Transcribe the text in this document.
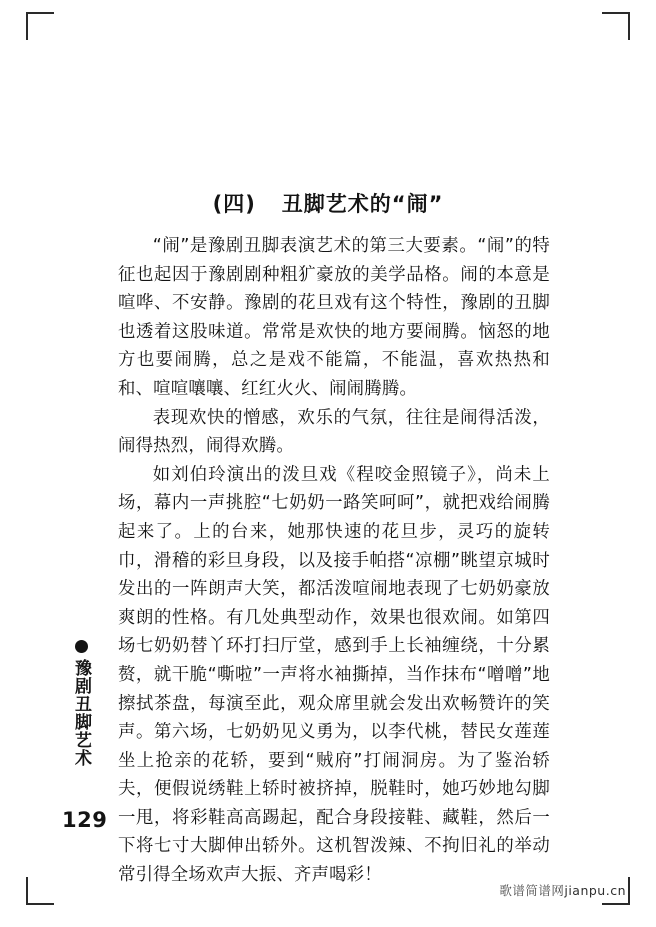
(四) 丑脚艺术的“闹”

“闹”是豫剧丑脚表演艺术的第三大要素。“闹”的特征也起因于豫剧剧种粗犷豪放的美学品格。闹的本意是喧哗、不安静。豫剧的花旦戏有这个特性，豫剧的丑脚也透着这股味道。常常是欢快的地方要闹腾。恼怒的地方也要闹腾，总之是戏不能篇，不能温，喜欢热热和和、喧喧嚷嚷、红红火火、闹闹腾腾。

表现欢快的憎感，欢乐的气氛，往往是闹得活泼，闹得热烈，闹得欢腾。

如刘伯玲演出的泼旦戏《程咬金照镜子》，尚未上场，幕内一声挑腔“七奶奶一路笑呵呵”，就把戏给闹腾起来了。上的台来，她那快速的花旦步，灵巧的旋转巾，滑稽的彩旦身段，以及接手帕搭“凉棚”眺望京城时发出的一阵朗声大笑，都活泼喧闹地表现了七奶奶豪放爽朗的性格。有几处典型动作，效果也很欢闹。如第四场七奶奶替丫环打扫厅堂，感到手上长袖缠绕，十分累赘，就干脆“嘶啦”一声将水袖撕掉，当作抹布“噌噌”地擦拭茶盘，每演至此，观众席里就会发出欢畅赞许的笑声。第六场，七奶奶见义勇为，以李代桃，替民女莲莲坐上抢亲的花轿，要到“贼府”打闹洞房。为了鉴治轿夫，便假说绣鞋上轿时被挤掉，脱鞋时，她巧妙地勾脚一甩，将彩鞋高高踢起，配合身段接鞋、藏鞋，然后一下将七寸大脚伸出轿外。这机智泼辣、不拘旧礼的举动常引得全场欢声大振、齐声喝彩！

豫剧丑脚艺术
129
歌谱简谱网jianpu.cn
